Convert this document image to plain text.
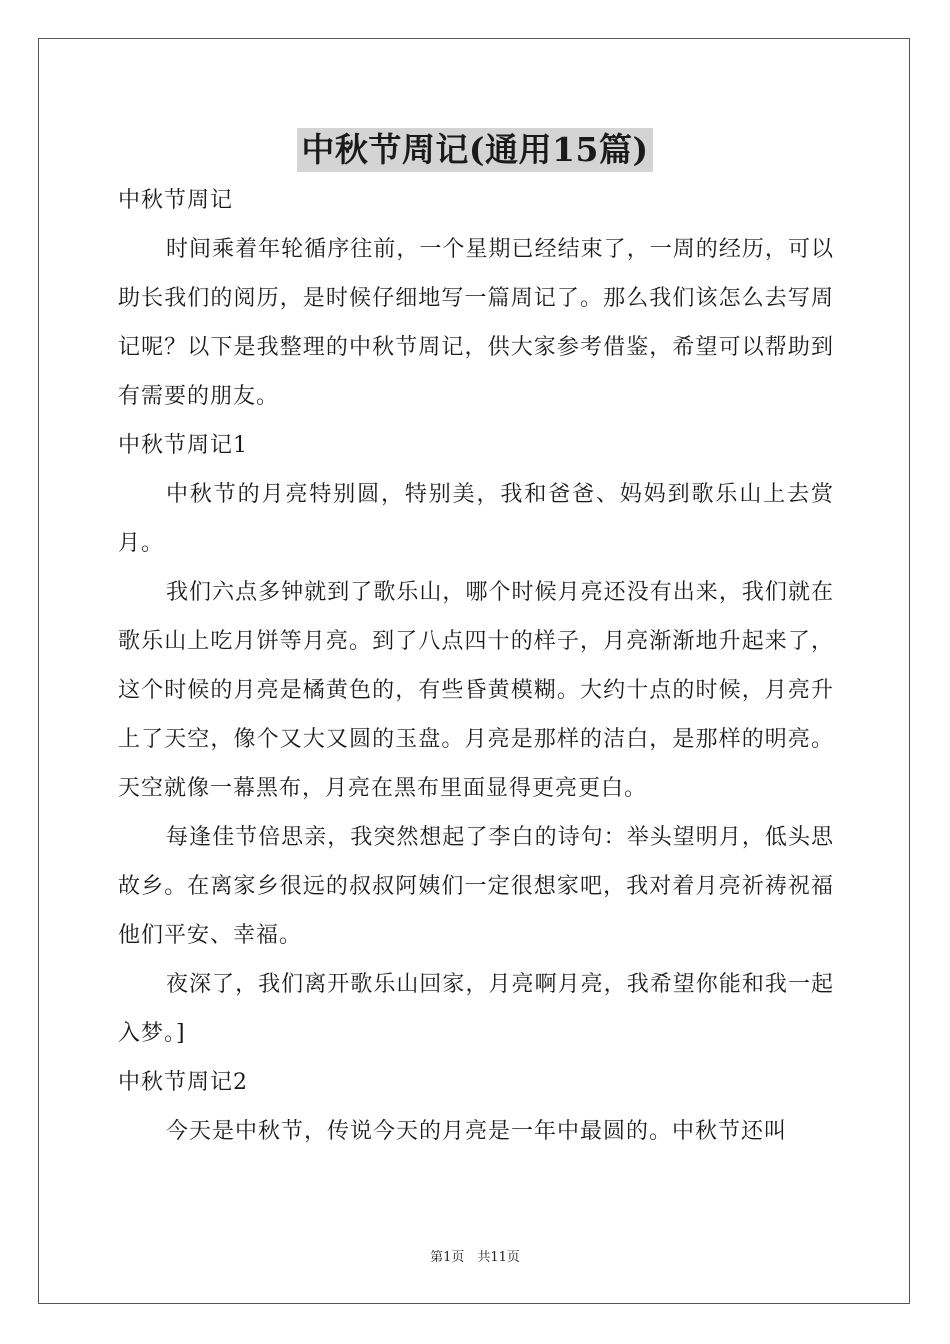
中秋节周记(通用15篇)

中秋节周记

时间乘着年轮循序往前，一个星期已经结束了，一周的经历，可以助长我们的阅历，是时候仔细地写一篇周记了。那么我们该怎么去写周记呢？以下是我整理的中秋节周记，供大家参考借鉴，希望可以帮助到有需要的朋友。

中秋节周记1

中秋节的月亮特别圆，特别美，我和爸爸、妈妈到歌乐山上去赏月。

我们六点多钟就到了歌乐山，哪个时候月亮还没有出来，我们就在歌乐山上吃月饼等月亮。到了八点四十的样子，月亮渐渐地升起来了，这个时候的月亮是橘黄色的，有些昏黄模糊。大约十点的时候，月亮升上了天空，像个又大又圆的玉盘。月亮是那样的洁白，是那样的明亮。天空就像一幕黑布，月亮在黑布里面显得更亮更白。

每逢佳节倍思亲，我突然想起了李白的诗句：举头望明月，低头思故乡。在离家乡很远的叔叔阿姨们一定很想家吧，我对着月亮祈祷祝福他们平安、幸福。

夜深了，我们离开歌乐山回家，月亮啊月亮，我希望你能和我一起入梦。]

中秋节周记2

今天是中秋节，传说今天的月亮是一年中最圆的。中秋节还叫

第1页　共11页
